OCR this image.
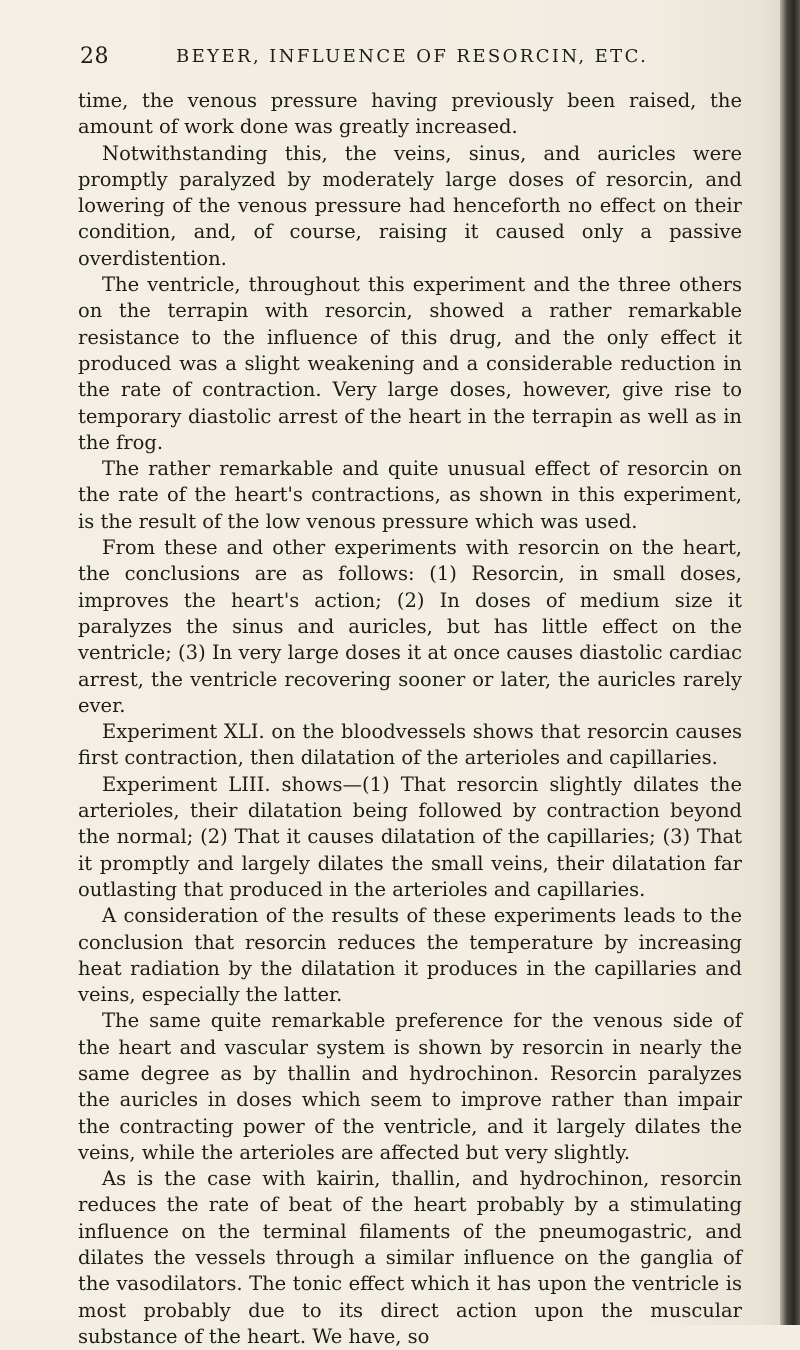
28	BEYER, INFLUENCE OF RESORCIN, ETC.

time, the venous pressure having previously been raised, the amount of work done was greatly increased.

Notwithstanding this, the veins, sinus, and auricles were promptly paralyzed by moderately large doses of resorcin, and lowering of the venous pressure had henceforth no effect on their condition, and, of course, raising it caused only a passive overdistention.

The ventricle, throughout this experiment and the three others on the terrapin with resorcin, showed a rather remarkable resistance to the influence of this drug, and the only effect it produced was a slight weakening and a considerable reduction in the rate of contraction. Very large doses, however, give rise to temporary diastolic arrest of the heart in the terrapin as well as in the frog.

The rather remarkable and quite unusual effect of resorcin on the rate of the heart's contractions, as shown in this experiment, is the result of the low venous pressure which was used.

From these and other experiments with resorcin on the heart, the conclusions are as follows: (1) Resorcin, in small doses, improves the heart's action; (2) In doses of medium size it paralyzes the sinus and auricles, but has little effect on the ventricle; (3) In very large doses it at once causes diastolic cardiac arrest, the ventricle recovering sooner or later, the auricles rarely ever.

Experiment XLI. on the bloodvessels shows that resorcin causes first contraction, then dilatation of the arterioles and capillaries.

Experiment LIII. shows—(1) That resorcin slightly dilates the arterioles, their dilatation being followed by contraction beyond the normal; (2) That it causes dilatation of the capillaries; (3) That it promptly and largely dilates the small veins, their dilatation far outlasting that produced in the arterioles and capillaries.

A consideration of the results of these experiments leads to the conclusion that resorcin reduces the temperature by increasing heat radiation by the dilatation it produces in the capillaries and veins, especially the latter.

The same quite remarkable preference for the venous side of the heart and vascular system is shown by resorcin in nearly the same degree as by thallin and hydrochinon. Resorcin paralyzes the auricles in doses which seem to improve rather than impair the contracting power of the ventricle, and it largely dilates the veins, while the arterioles are affected but very slightly.

As is the case with kairin, thallin, and hydrochinon, resorcin reduces the rate of beat of the heart probably by a stimulating influence on the terminal filaments of the pneumogastric, and dilates the vessels through a similar influence on the ganglia of the vasodilators. The tonic effect which it has upon the ventricle is most probably due to its direct action upon the muscular substance of the heart. We have, so
